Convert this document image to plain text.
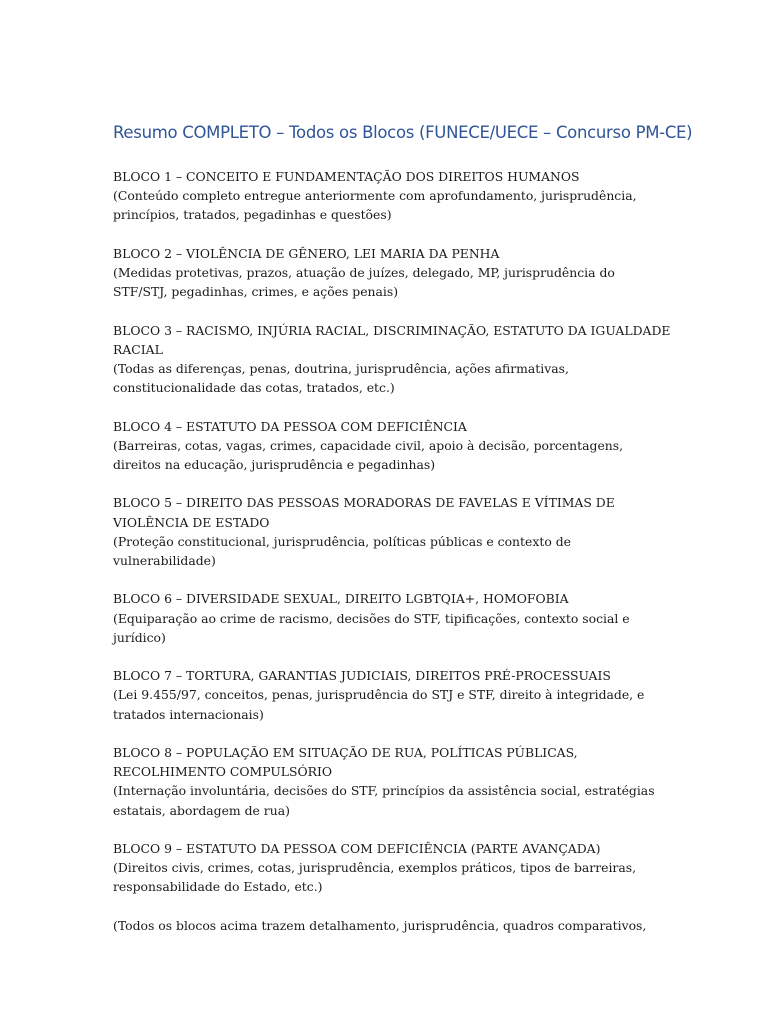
Resumo COMPLETO – Todos os Blocos (FUNECE/UECE – Concurso PM-CE)

BLOCO 1 – CONCEITO E FUNDAMENTAÇÃO DOS DIREITOS HUMANOS

(Conteúdo completo entregue anteriormente com aprofundamento, jurisprudência, princípios, tratados, pegadinhas e questões)

BLOCO 2 – VIOLÊNCIA DE GÊNERO, LEI MARIA DA PENHA

(Medidas protetivas, prazos, atuação de juízes, delegado, MP, jurisprudência do STF/STJ, pegadinhas, crimes, e ações penais)

BLOCO 3 – RACISMO, INJÚRIA RACIAL, DISCRIMINAÇÃO, ESTATUTO DA IGUALDADE RACIAL

(Todas as diferenças, penas, doutrina, jurisprudência, ações afirmativas, constitucionalidade das cotas, tratados, etc.)

BLOCO 4 – ESTATUTO DA PESSOA COM DEFICIÊNCIA

(Barreiras, cotas, vagas, crimes, capacidade civil, apoio à decisão, porcentagens, direitos na educação, jurisprudência e pegadinhas)

BLOCO 5 – DIREITO DAS PESSOAS MORADORAS DE FAVELAS E VÍTIMAS DE VIOLÊNCIA DE ESTADO

(Proteção constitucional, jurisprudência, políticas públicas e contexto de vulnerabilidade)

BLOCO 6 – DIVERSIDADE SEXUAL, DIREITO LGBTQIA+, HOMOFOBIA

(Equiparação ao crime de racismo, decisões do STF, tipificações, contexto social e jurídico)

BLOCO 7 – TORTURA, GARANTIAS JUDICIAIS, DIREITOS PRÉ-PROCESSUAIS

(Lei 9.455/97, conceitos, penas, jurisprudência do STJ e STF, direito à integridade, e tratados internacionais)

BLOCO 8 – POPULAÇÃO EM SITUAÇÃO DE RUA, POLÍTICAS PÚBLICAS, RECOLHIMENTO COMPULSÓRIO

(Internação involuntária, decisões do STF, princípios da assistência social, estratégias estatais, abordagem de rua)

BLOCO 9 – ESTATUTO DA PESSOA COM DEFICIÊNCIA (PARTE AVANÇADA)

(Direitos civis, crimes, cotas, jurisprudência, exemplos práticos, tipos de barreiras, responsabilidade do Estado, etc.)

(Todos os blocos acima trazem detalhamento, jurisprudência, quadros comparativos,
